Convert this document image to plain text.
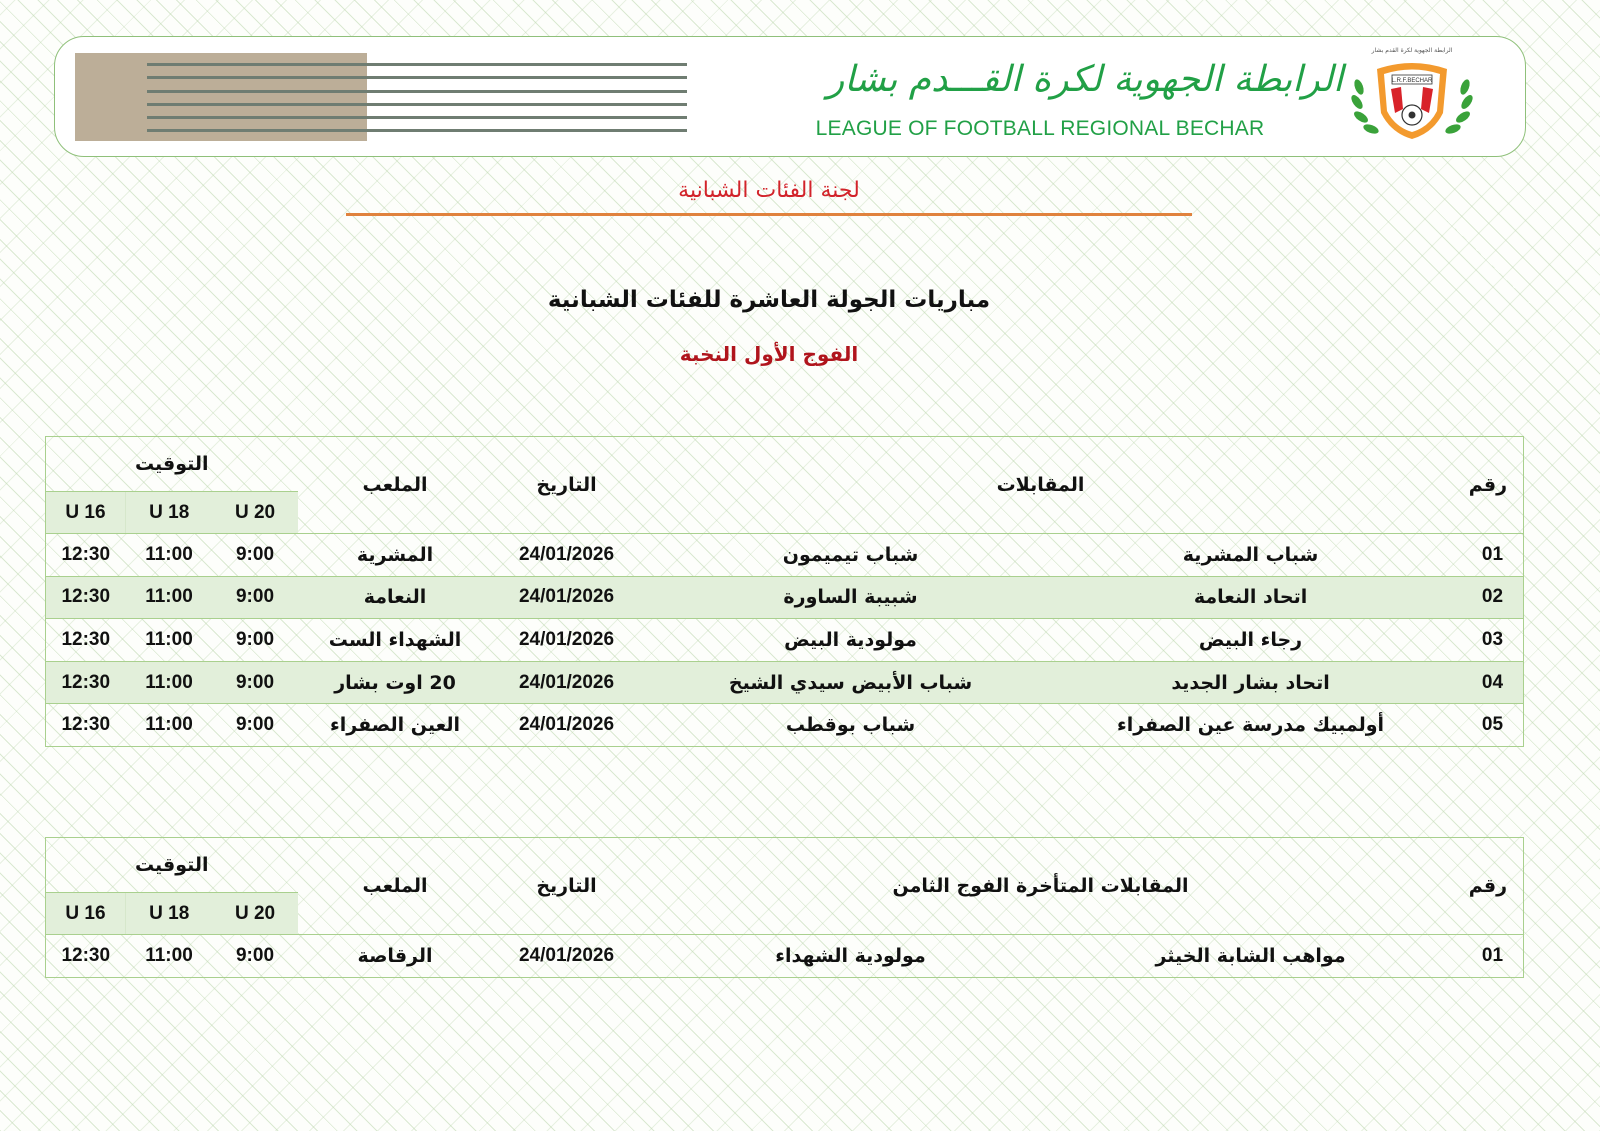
الرابطة الجهوية لكرة القـــدم بشار
LEAGUE OF FOOTBALL REGIONAL BECHAR
الرابطة الجهوية لكرة القدم بشار
L.R.F.BECHAR
لجنة الفئات الشبانية
مباريات الجولة العاشرة للفئات الشبانية
الفوج الأول النخبة
التوقيت			الملعب	التاريخ	المقابلات		رقم
U 16	U 18	U 20					
12:30	11:00	9:00	المشرية	24/01/2026	شباب تيميمون	شباب المشرية	01
12:30	11:00	9:00	النعامة	24/01/2026	شبيبة الساورة	اتحاد النعامة	02
12:30	11:00	9:00	الشهداء الست	24/01/2026	مولودية البيض	رجاء البيض	03
12:30	11:00	9:00	20 اوت بشار	24/01/2026	شباب الأبيض سيدي الشيخ	اتحاد بشار الجديد	04
12:30	11:00	9:00	العين الصفراء	24/01/2026	شباب بوقطب	أولمبيك مدرسة عين الصفراء	05
التوقيت			الملعب	التاريخ	المقابلات المتأخرة الفوج الثامن		رقم
U 16	U 18	U 20					
12:30	11:00	9:00	الرقاصة	24/01/2026	مولودية الشهداء	مواهب الشابة الخيثر	01
